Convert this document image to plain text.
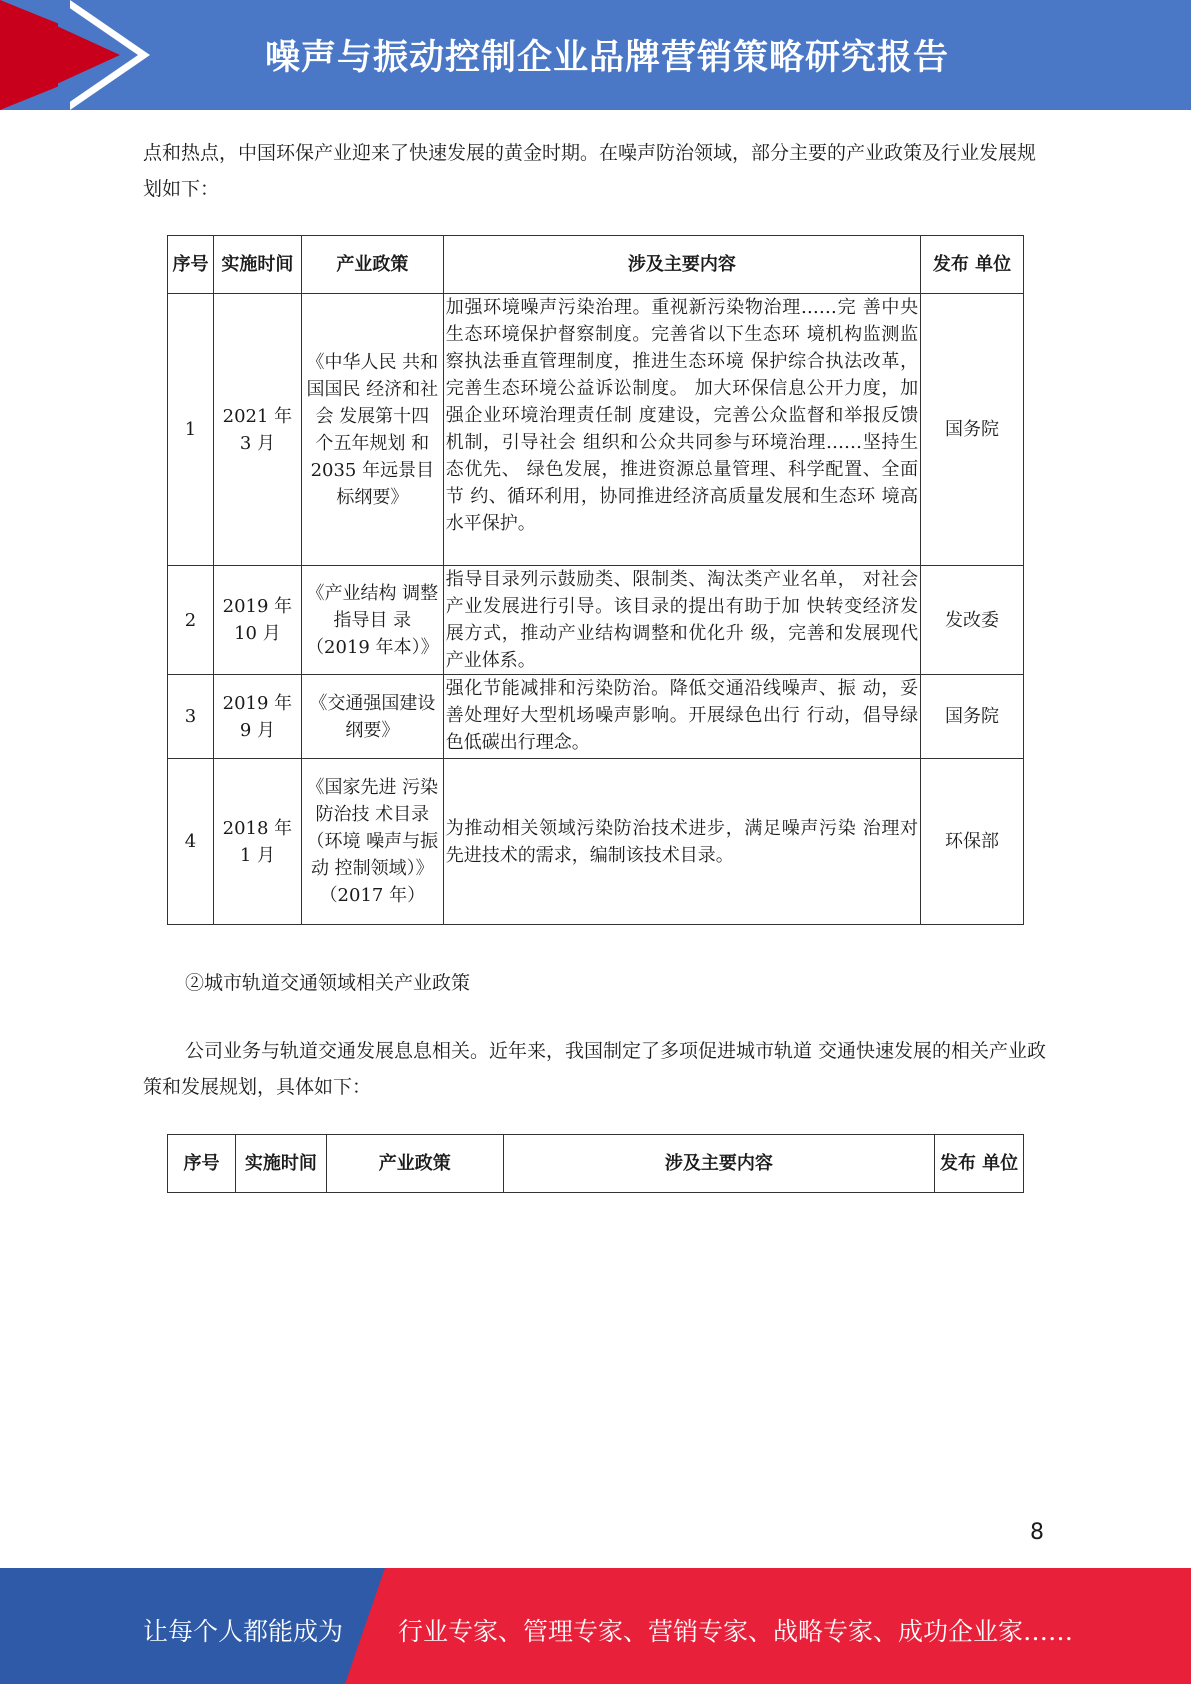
噪声与振动控制企业品牌营销策略研究报告
点和热点，中国环保产业迎来了快速发展的黄金时期。在噪声防治领域，部分主要的产业政策及行业发展规划如下：
序号	实施时间	产业政策	涉及主要内容	发布 单位
1	2021 年 3 月	《中华人民 共和国国民 经济和社会 发展第十四 个五年规划 和 2035 年远景目标纲要》	加强环境噪声污染治理。重视新污染物治理……完 善中央生态环境保护督察制度。完善省以下生态环 境机构监测监察执法垂直管理制度，推进生态环境 保护综合执法改革，完善生态环境公益诉讼制度。 加大环保信息公开力度，加强企业环境治理责任制 度建设，完善公众监督和举报反馈机制，引导社会 组织和公众共同参与环境治理……坚持生态优先、 绿色发展，推进资源总量管理、科学配置、全面节 约、循环利用，协同推进经济高质量发展和生态环 境高水平保护。	国务院
2	2019 年 10 月	《产业结构 调整指导目 录（2019 年本）》	指导目录列示鼓励类、限制类、淘汰类产业名单， 对社会产业发展进行引导。该目录的提出有助于加 快转变经济发展方式，推动产业结构调整和优化升 级，完善和发展现代产业体系。	发改委
3	2019 年 9 月	《交通强国建设纲要》	强化节能减排和污染防治。降低交通沿线噪声、振 动，妥善处理好大型机场噪声影响。开展绿色出行 行动，倡导绿色低碳出行理念。	国务院
4	2018 年 1 月	《国家先进 污染防治技 术目录（环境 噪声与振动 控制领域）》（2017 年）	为推动相关领域污染防治技术进步，满足噪声污染 治理对先进技术的需求，编制该技术目录。	环保部
②城市轨道交通领域相关产业政策
公司业务与轨道交通发展息息相关。近年来，我国制定了多项促进城市轨道 交通快速发展的相关产业政策和发展规划，具体如下：
序号	实施时间	产业政策	涉及主要内容	发布 单位
8
让每个人都能成为 行业专家、管理专家、营销专家、战略专家、成功企业家……
